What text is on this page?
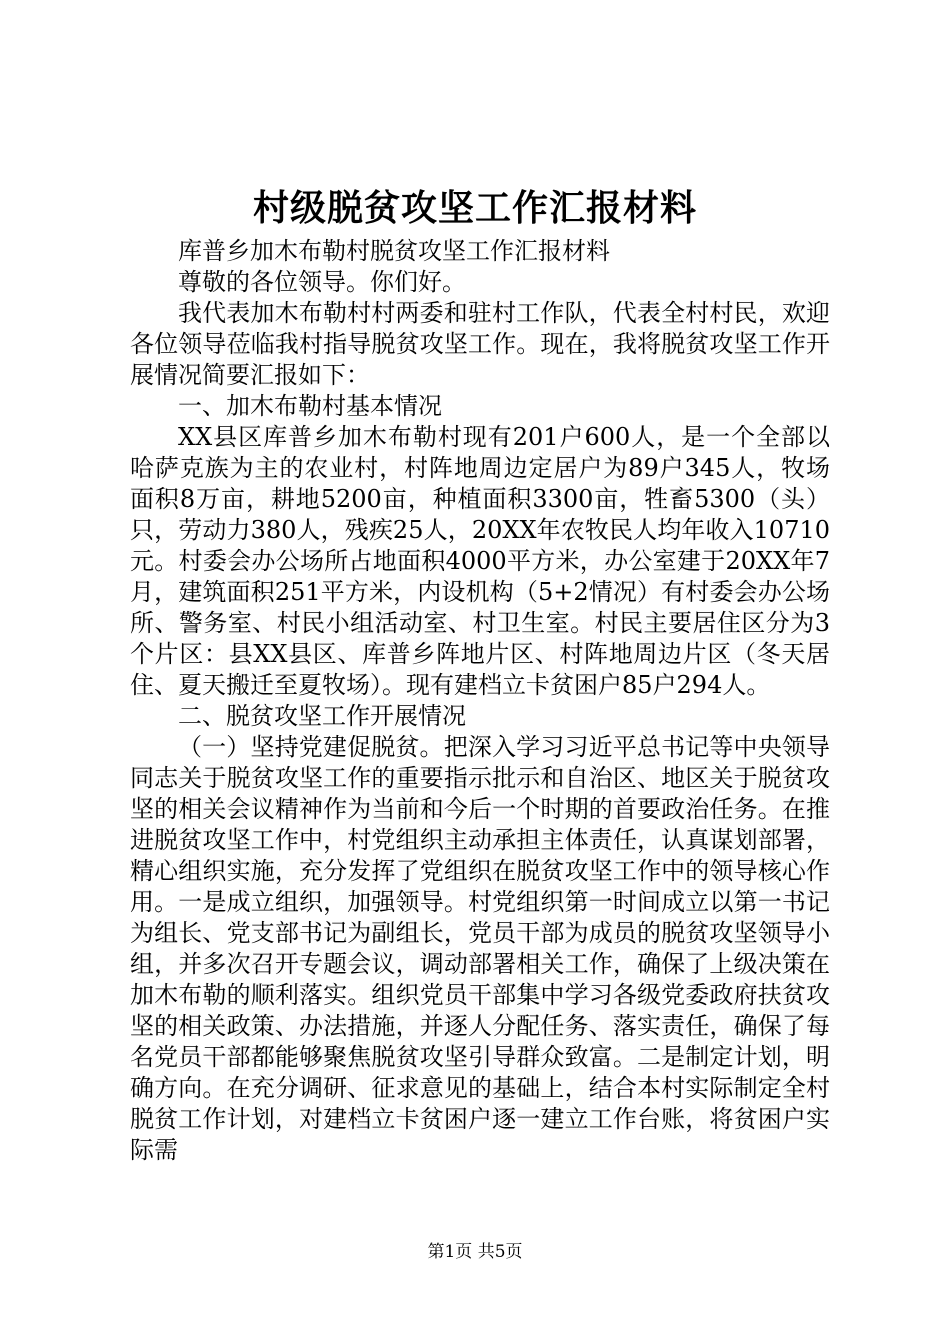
村级脱贫攻坚工作汇报材料

库普乡加木布勒村脱贫攻坚工作汇报材料

尊敬的各位领导。你们好。

我代表加木布勒村村两委和驻村工作队，代表全村村民，欢迎各位领导莅临我村指导脱贫攻坚工作。现在，我将脱贫攻坚工作开展情况简要汇报如下：

一、加木布勒村基本情况

XX县区库普乡加木布勒村现有201户600人，是一个全部以哈萨克族为主的农业村，村阵地周边定居户为89户345人，牧场面积8万亩，耕地5200亩，种植面积3300亩，牲畜5300（头）只，劳动力380人，残疾25人，20XX年农牧民人均年收入10710元。村委会办公场所占地面积4000平方米，办公室建于20XX年7月，建筑面积251平方米，内设机构（5+2情况）有村委会办公场所、警务室、村民小组活动室、村卫生室。村民主要居住区分为3个片区：县XX县区、库普乡阵地片区、村阵地周边片区（冬天居住、夏天搬迁至夏牧场）。现有建档立卡贫困户85户294人。

二、脱贫攻坚工作开展情况

（一）坚持党建促脱贫。把深入学习习近平总书记等中央领导同志关于脱贫攻坚工作的重要指示批示和自治区、地区关于脱贫攻坚的相关会议精神作为当前和今后一个时期的首要政治任务。在推进脱贫攻坚工作中，村党组织主动承担主体责任，认真谋划部署，精心组织实施，充分发挥了党组织在脱贫攻坚工作中的领导核心作用。一是成立组织，加强领导。村党组织第一时间成立以第一书记为组长、党支部书记为副组长，党员干部为成员的脱贫攻坚领导小组，并多次召开专题会议，调动部署相关工作，确保了上级决策在加木布勒的顺利落实。组织党员干部集中学习各级党委政府扶贫攻坚的相关政策、办法措施，并逐人分配任务、落实责任，确保了每名党员干部都能够聚焦脱贫攻坚引导群众致富。二是制定计划，明确方向。在充分调研、征求意见的基础上，结合本村实际制定全村脱贫工作计划，对建档立卡贫困户逐一建立工作台账，将贫困户实际需

第1页 共5页
